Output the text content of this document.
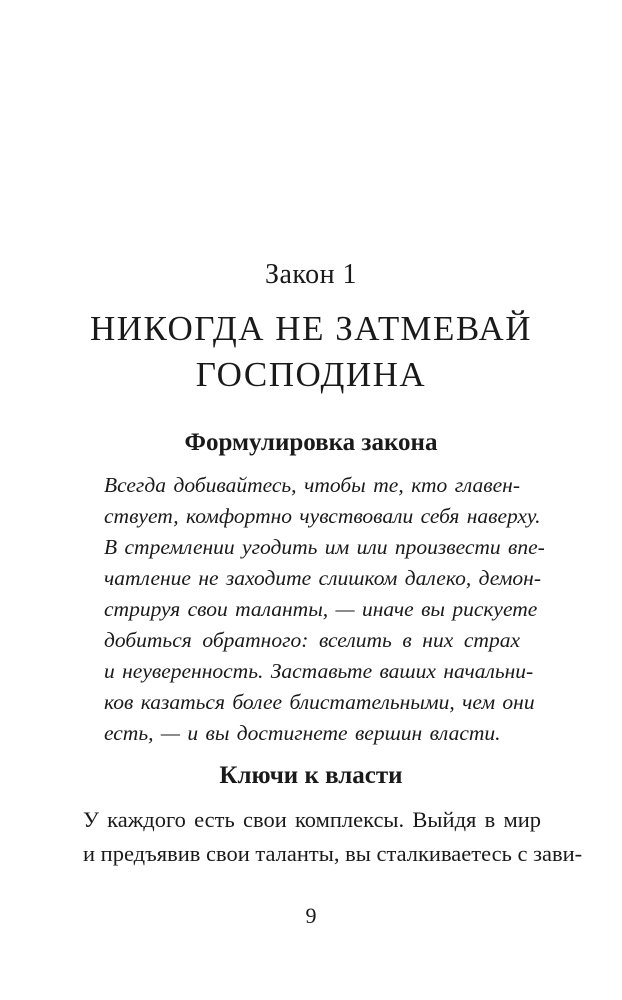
Закон 1
НИКОГДА НЕ ЗАТМЕВАЙ
ГОСПОДИНА
Формулировка закона
Всегда добивайтесь, чтобы те, кто главен-
ствует, комфортно чувствовали себя наверху.
В стремлении угодить им или произвести впе-
чатление не заходите слишком далеко, демон-
стрируя свои таланты, — иначе вы рискуете
добиться обратного: вселить в них страх
и неуверенность. Заставьте ваших начальни-
ков казаться более блистательными, чем они
есть, — и вы достигнете вершин власти.
Ключи к власти
У каждого есть свои комплексы. Выйдя в мир
и предъявив свои таланты, вы сталкиваетесь с зави-
9
